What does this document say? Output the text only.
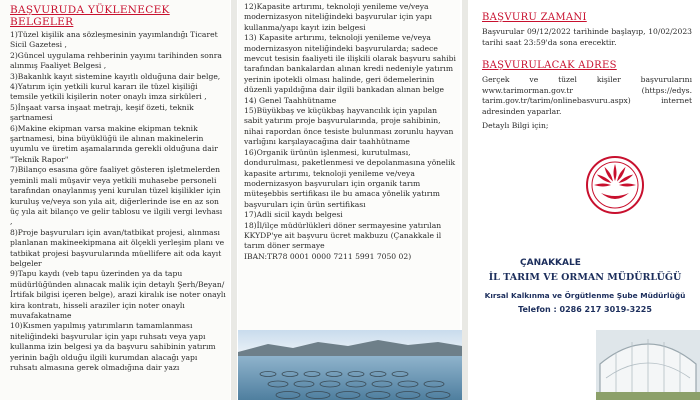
BAŞVURUDA YÜKLENECEK BELGELER

1)Tüzel kişilik ana sözleşmesinin yayımlandığı Ticaret Sicil Gazetesi ,

2)Güncel uygulama rehberinin yayımı tarihinden sonra alınmış Faaliyet Belgesi ,

3)Bakanlık kayıt sistemine kayıtlı olduğuna dair belge,

4)Yatırım için yetkili kurul kararı ile tüzel kişiliği temsile yetkili kişilerin noter onaylı imza sirküleri ,

5)İnşaat varsa inşaat metrajı, keşif özeti, teknik şartnamesi

6)Makine ekipman varsa makine ekipman teknik şartnamesi, bina büyüklüğü ile alınan makinelerin uyumlu ve üretim aşamalarında gerekli olduğuna dair "Teknik Rapor"

7)Bilanço esasına göre faaliyet gösteren işletmelerden yeminli mali müşavir veya yetkili muhasebe personeli tarafından onaylanmış yeni kurulan tüzel kişilikler için kuruluş ve/veya son yıla ait, diğerlerinde ise en az son üç yıla ait bilanço ve gelir tablosu ve ilgili vergi levhası ,

8)Proje başvuruları için avan/tatbikat projesi, alınması planlanan makineekipmana ait ölçekli yerleşim planı ve tatbikat projesi başvurularında müellifere ait oda kayıt belgeler

9)Tapu kaydı (veb tapu üzerinden ya da tapu müdürlüğünden alınacak malik için detaylı Şerh/Beyan/İrtifak bilgisi içeren belge), arazi kiralık ise noter onaylı kira kontratı, hisseli araziler için noter onaylı muvafakatname

10)Kısmen yapılmış yatırımların tamamlanması niteliğindeki başvurular için yapı ruhsatı veya yapı kullanma izin belgesi ya da başvuru sahibinin yatırım yerinin bağlı olduğu ilgili kurumdan alacağı yapı ruhsatı almasına gerek olmadığına dair yazı

12)Kapasite artırımı, teknoloji yenileme ve/veya modernizasyon niteliğindeki başvurular için yapı kullanma/yapı kayıt izin belgesi

13) Kapasite artırımı, teknoloji yenileme ve/veya modernizasyon niteliğindeki başvurularda; sadece mevcut tesisin faaliyeti ile ilişkili olarak başvuru sahibi tarafından bankalardan alınan kredi nedeniyle yatırım yerinin ipotekli olması halinde, geri ödemelerinin düzenli yapıldığına dair ilgili bankadan alınan belge

14) Genel Taahhütname

15)Büyükbaş ve küçükbaş hayvancılık için yapılan sabit yatırım proje başvurularında, proje sahibinin, nihai rapordan önce tesiste bulunması zorunlu hayvan varlığını karşılayacağına dair taahhütname

16)Organik ürünün işlenmesi, kurutulması, dondurulması, paketlenmesi ve depolanmasına yönelik kapasite artırımı, teknoloji yenileme ve/veya modernizasyon başvuruları için organik tarım müteşebbis sertifikası ile bu amaca yönelik yatırım başvuruları için ürün sertifikası

17)Adli sicil kaydı belgesi

18)İl/ilçe müdürlükleri döner sermayesine yatırılan KKYDP'ye ait başvuru ücret makbuzu (Çanakkale il tarım döner sermaye

IBAN:TR78 0001 0000 7211 5991 7050 02)

BAŞVURU ZAMANI
Başvurular 09/12/2022 tarihinde başlayıp, 10/02/2023 tarihi saat 23:59'da sona erecektir.
BAŞVURULACAK ADRES
Gerçek ve tüzel kişiler başvurularını www.tarimorman.gov.tr (https://edys. tarim.gov.tr/tarim/onlinebasvuru.aspx) internet adresinden yaparlar.
Detaylı Bilgi için;
ÇANAKKALE
İL TARIM VE ORMAN MÜDÜRLÜĞÜ
Kırsal Kalkınma ve Örgütlenme Şube Müdürlüğü
Telefon : 0286 217 3019-3225
